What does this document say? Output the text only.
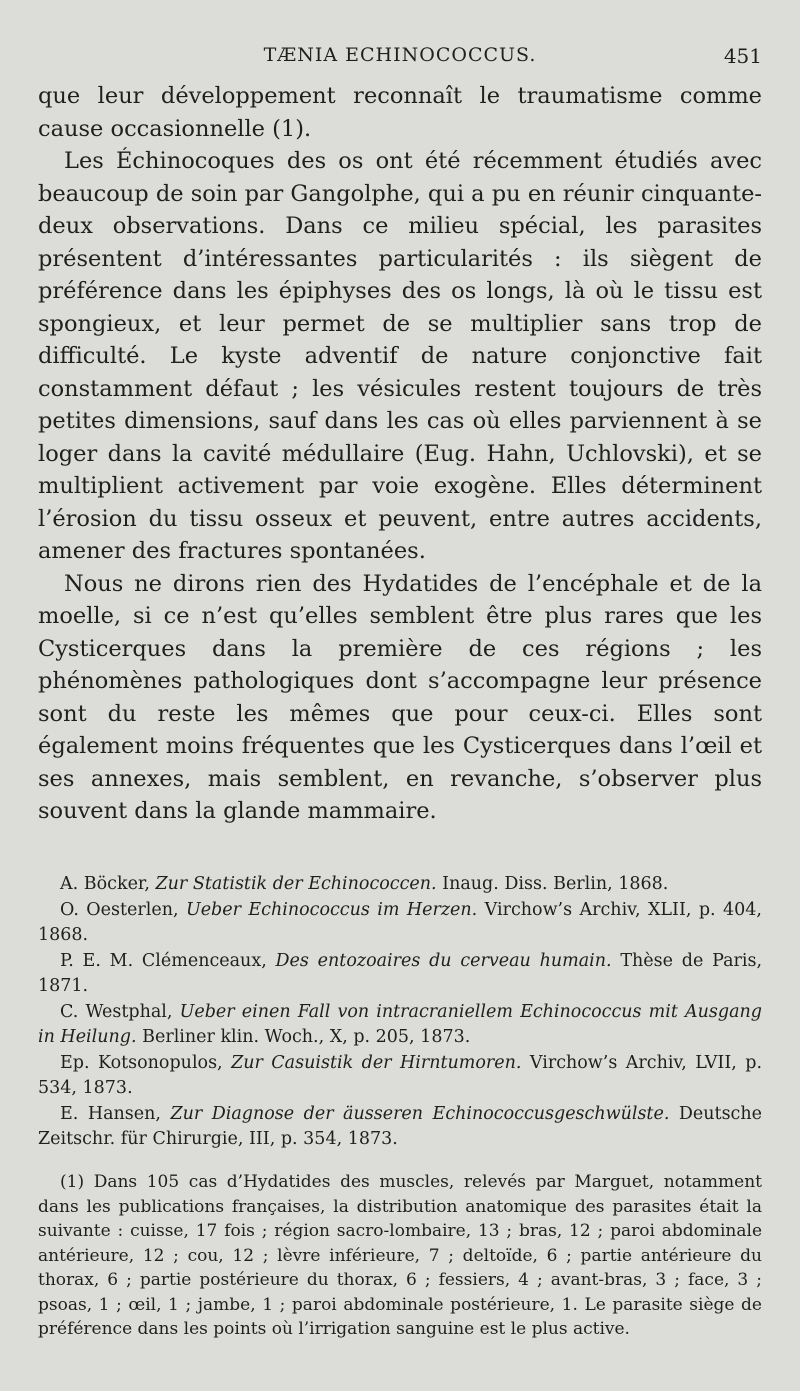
TÆNIA ECHINOCOCCUS.	451

que leur développement reconnaît le traumatisme comme cause occasionnelle (1).

Les Échinocoques des os ont été récemment étudiés avec beaucoup de soin par Gangolphe, qui a pu en réunir cinquante-deux observations. Dans ce milieu spécial, les parasites présentent d’intéressantes particularités : ils siègent de préférence dans les épiphyses des os longs, là où le tissu est spongieux, et leur permet de se multiplier sans trop de difficulté. Le kyste adventif de nature conjonctive fait constamment défaut ; les vésicules restent toujours de très petites dimensions, sauf dans les cas où elles parviennent à se loger dans la cavité médullaire (Eug. Hahn, Uchlovski), et se multiplient activement par voie exogène. Elles déterminent l’érosion du tissu osseux et peuvent, entre autres accidents, amener des fractures spontanées.

Nous ne dirons rien des Hydatides de l’encéphale et de la moelle, si ce n’est qu’elles semblent être plus rares que les Cysticerques dans la première de ces régions ; les phénomènes pathologiques dont s’accompagne leur présence sont du reste les mêmes que pour ceux-ci. Elles sont également moins fréquentes que les Cysticerques dans l’œil et ses annexes, mais semblent, en revanche, s’observer plus souvent dans la glande mammaire.

A. Böcker, Zur Statistik der Echinococcen. Inaug. Diss. Berlin, 1868.

O. Oesterlen, Ueber Echinococcus im Herzen. Virchow’s Archiv, XLII, p. 404, 1868.

P. E. M. Clémenceaux, Des entozoaires du cerveau humain. Thèse de Paris, 1871.

C. Westphal, Ueber einen Fall von intracraniellem Echinococcus mit Ausgang in Heilung. Berliner klin. Woch., X, p. 205, 1873.

Ep. Kotsonopulos, Zur Casuistik der Hirntumoren. Virchow’s Archiv, LVII, p. 534, 1873.

E. Hansen, Zur Diagnose der äusseren Echinococcusgeschwülste. Deutsche Zeitschr. für Chirurgie, III, p. 354, 1873.

(1) Dans 105 cas d’Hydatides des muscles, relevés par Marguet, notamment dans les publications françaises, la distribution anatomique des parasites était la suivante : cuisse, 17 fois ; région sacro-lombaire, 13 ; bras, 12 ; paroi abdominale antérieure, 12 ; cou, 12 ; lèvre inférieure, 7 ; deltoïde, 6 ; partie antérieure du thorax, 6 ; partie postérieure du thorax, 6 ; fessiers, 4 ; avant-bras, 3 ; face, 3 ; psoas, 1 ; œil, 1 ; jambe, 1 ; paroi abdominale postérieure, 1. Le parasite siège de préférence dans les points où l’irrigation sanguine est le plus active.
